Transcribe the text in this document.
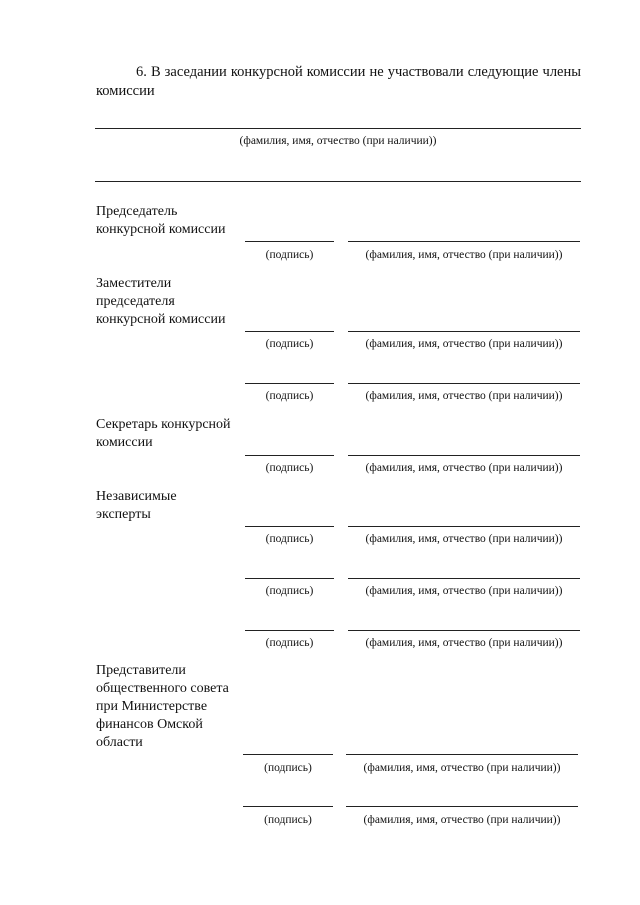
6. В заседании конкурсной комиссии не участвовали следующие члены комиссии
(фамилия, имя, отчество (при наличии))
Председатель конкурсной комиссии
(подпись)	(фамилия, имя, отчество (при наличии))
Заместители председателя конкурсной комиссии
(подпись)	(фамилия, имя, отчество (при наличии))
(подпись)	(фамилия, имя, отчество (при наличии))
Секретарь конкурсной комиссии
(подпись)	(фамилия, имя, отчество (при наличии))
Независимые эксперты
(подпись)	(фамилия, имя, отчество (при наличии))
(подпись)	(фамилия, имя, отчество (при наличии))
(подпись)	(фамилия, имя, отчество (при наличии))
Представители общественного совета при Министерстве финансов Омской области
(подпись)	(фамилия, имя, отчество (при наличии))
(подпись)	(фамилия, имя, отчество (при наличии))
